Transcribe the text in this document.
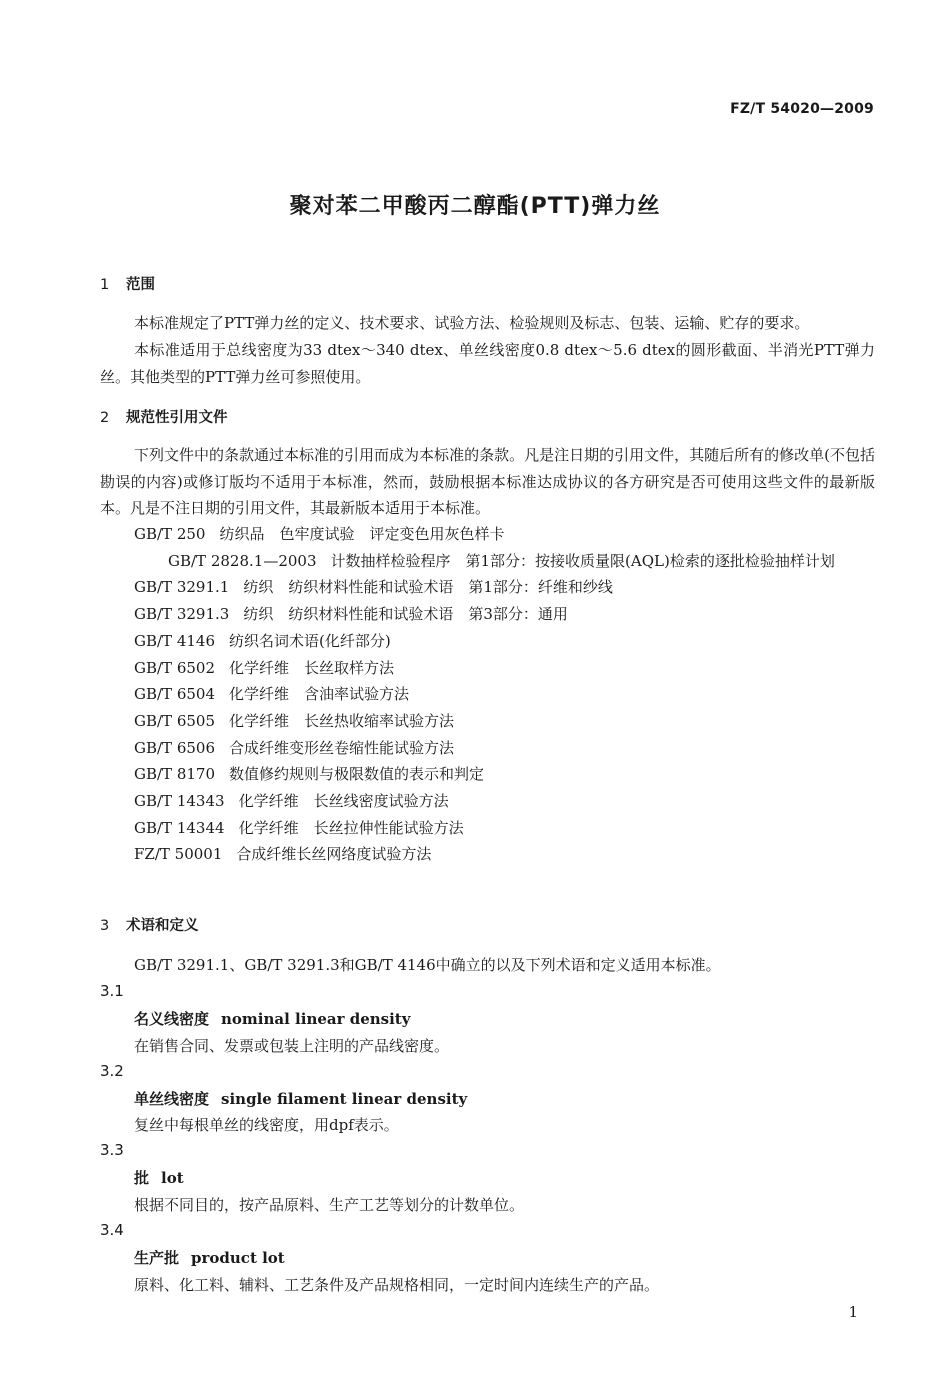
FZ/T 54020—2009
聚对苯二甲酸丙二醇酯(PTT)弹力丝
1 范围
本标准规定了PTT弹力丝的定义、技术要求、试验方法、检验规则及标志、包装、运输、贮存的要求。
本标准适用于总线密度为33 dtex～340 dtex、单丝线密度0.8 dtex～5.6 dtex的圆形截面、半消光PTT弹力丝。其他类型的PTT弹力丝可参照使用。
2 规范性引用文件
下列文件中的条款通过本标准的引用而成为本标准的条款。凡是注日期的引用文件，其随后所有的修改单(不包括勘误的内容)或修订版均不适用于本标准，然而，鼓励根据本标准达成协议的各方研究是否可使用这些文件的最新版本。凡是不注日期的引用文件，其最新版本适用于本标准。
GB/T 250 纺织品　色牢度试验　评定变色用灰色样卡
GB/T 2828.1—2003 计数抽样检验程序　第1部分：按接收质量限(AQL)检索的逐批检验抽样计划
GB/T 3291.1 纺织　纺织材料性能和试验术语　第1部分：纤维和纱线
GB/T 3291.3 纺织　纺织材料性能和试验术语　第3部分：通用
GB/T 4146 纺织名词术语(化纤部分)
GB/T 6502 化学纤维　长丝取样方法
GB/T 6504 化学纤维　含油率试验方法
GB/T 6505 化学纤维　长丝热收缩率试验方法
GB/T 6506 合成纤维变形丝卷缩性能试验方法
GB/T 8170 数值修约规则与极限数值的表示和判定
GB/T 14343 化学纤维　长丝线密度试验方法
GB/T 14344 化学纤维　长丝拉伸性能试验方法
FZ/T 50001 合成纤维长丝网络度试验方法
3 术语和定义
GB/T 3291.1、GB/T 3291.3和GB/T 4146中确立的以及下列术语和定义适用本标准。
3.1
名义线密度 nominal linear density
在销售合同、发票或包装上注明的产品线密度。
3.2
单丝线密度 single filament linear density
复丝中每根单丝的线密度，用dpf表示。
3.3
批 lot
根据不同目的，按产品原料、生产工艺等划分的计数单位。
3.4
生产批 product lot
原料、化工料、辅料、工艺条件及产品规格相同，一定时间内连续生产的产品。
1
